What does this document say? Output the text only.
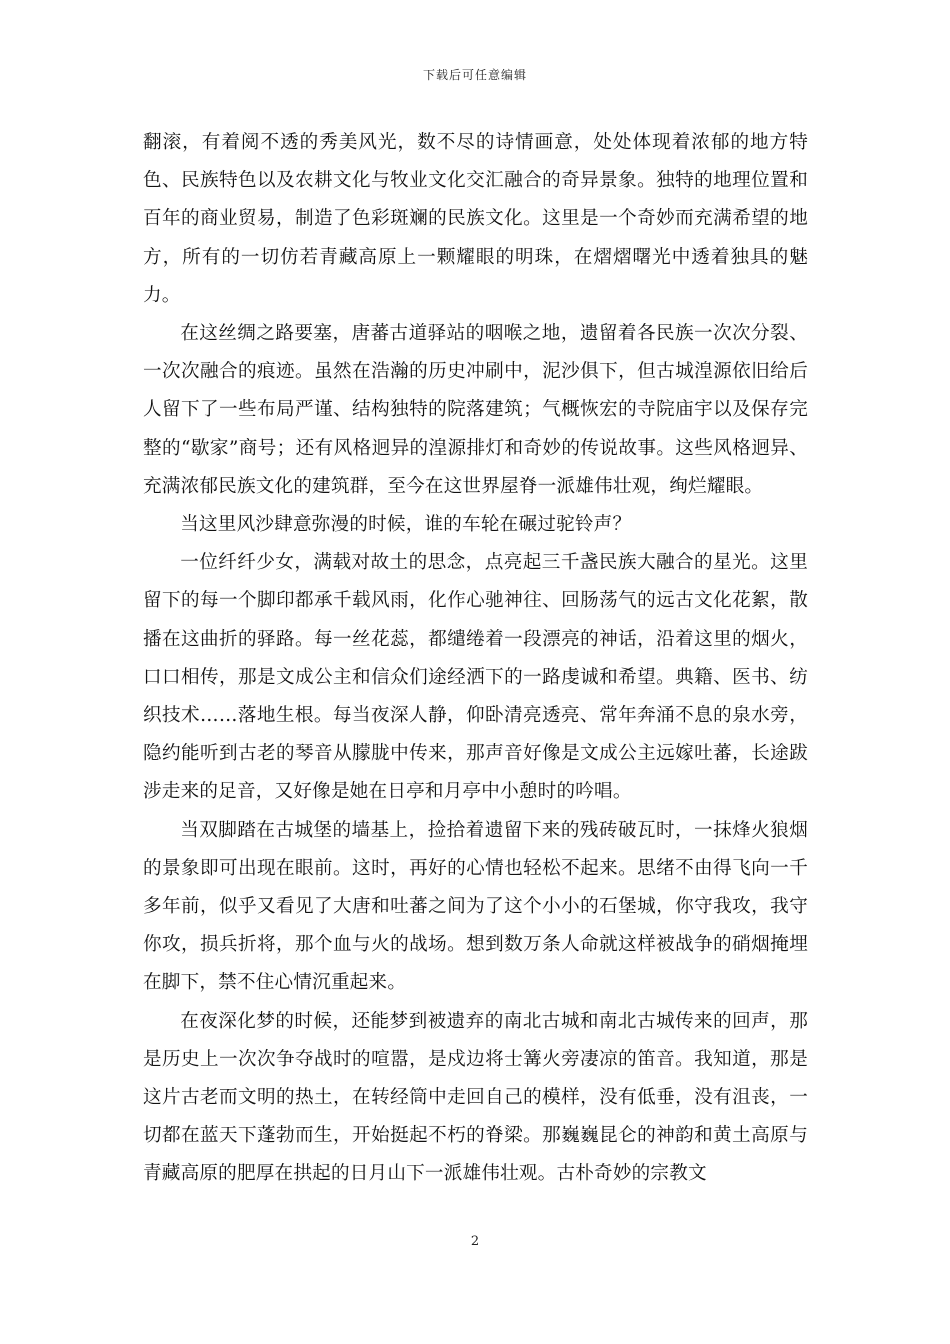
下载后可任意编辑

翻滚，有着阅不透的秀美风光，数不尽的诗情画意，处处体现着浓郁的地方特色、民族特色以及农耕文化与牧业文化交汇融合的奇异景象。独特的地理位置和百年的商业贸易，制造了色彩斑斓的民族文化。这里是一个奇妙而充满希望的地方，所有的一切仿若青藏高原上一颗耀眼的明珠，在熠熠曙光中透着独具的魅力。

在这丝绸之路要塞，唐蕃古道驿站的咽喉之地，遗留着各民族一次次分裂、一次次融合的痕迹。虽然在浩瀚的历史冲刷中，泥沙俱下，但古城湟源依旧给后人留下了一些布局严谨、结构独特的院落建筑；气概恢宏的寺院庙宇以及保存完整的“歇家”商号；还有风格迥异的湟源排灯和奇妙的传说故事。这些风格迥异、充满浓郁民族文化的建筑群，至今在这世界屋脊一派雄伟壮观，绚烂耀眼。

当这里风沙肆意弥漫的时候，谁的车轮在碾过驼铃声？

一位纤纤少女，满载对故土的思念，点亮起三千盏民族大融合的星光。这里留下的每一个脚印都承千载风雨，化作心驰神往、回肠荡气的远古文化花絮，散播在这曲折的驿路。每一丝花蕊，都缱绻着一段漂亮的神话，沿着这里的烟火，口口相传，那是文成公主和信众们途经洒下的一路虔诚和希望。典籍、医书、纺织技术……落地生根。每当夜深人静，仰卧清亮透亮、常年奔涌不息的泉水旁，隐约能听到古老的琴音从朦胧中传来，那声音好像是文成公主远嫁吐蕃，长途跋涉走来的足音，又好像是她在日亭和月亭中小憩时的吟唱。

当双脚踏在古城堡的墙基上，捡拾着遗留下来的残砖破瓦时，一抹烽火狼烟的景象即可出现在眼前。这时，再好的心情也轻松不起来。思绪不由得飞向一千多年前，似乎又看见了大唐和吐蕃之间为了这个小小的石堡城，你守我攻，我守你攻，损兵折将，那个血与火的战场。想到数万条人命就这样被战争的硝烟掩埋在脚下，禁不住心情沉重起来。

在夜深化梦的时候，还能梦到被遗弃的南北古城和南北古城传来的回声，那是历史上一次次争夺战时的喧嚣，是戍边将士篝火旁凄凉的笛音。我知道，那是这片古老而文明的热土，在转经筒中走回自己的模样，没有低垂，没有沮丧，一切都在蓝天下蓬勃而生，开始挺起不朽的脊梁。那巍巍昆仑的神韵和黄土高原与青藏高原的肥厚在拱起的日月山下一派雄伟壮观。古朴奇妙的宗教文

2
